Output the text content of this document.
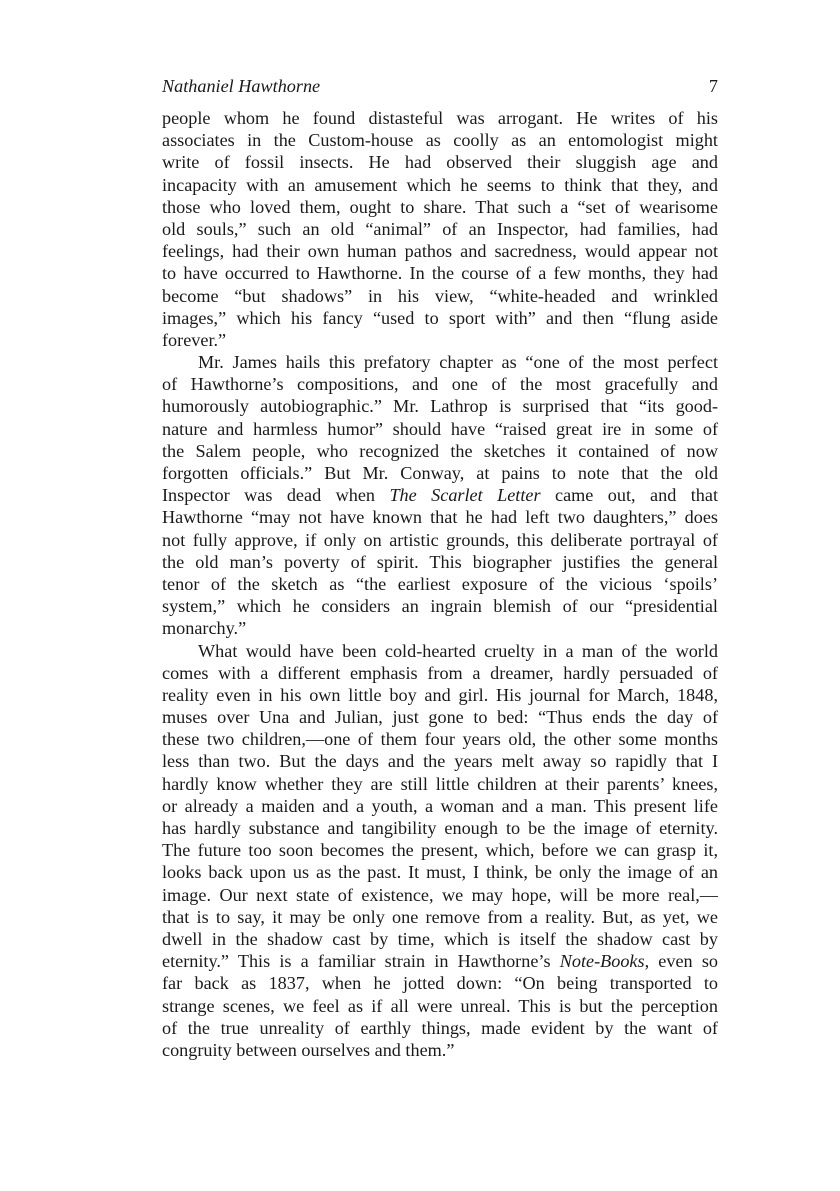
Nathaniel Hawthorne	7
people whom he found distasteful was arrogant. He writes of his
associates in the Custom-house as coolly as an entomologist might
write of fossil insects. He had observed their sluggish age and
incapacity with an amusement which he seems to think that they, and
those who loved them, ought to share. That such a “set of wearisome
old souls,” such an old “animal” of an Inspector, had families, had
feelings, had their own human pathos and sacredness, would appear not
to have occurred to Hawthorne. In the course of a few months, they had
become “but shadows” in his view, “white-headed and wrinkled
images,” which his fancy “used to sport with” and then “flung aside
forever.”
Mr. James hails this prefatory chapter as “one of the most perfect
of Hawthorne’s compositions, and one of the most gracefully and
humorously autobiographic.” Mr. Lathrop is surprised that “its good-
nature and harmless humor” should have “raised great ire in some of
the Salem people, who recognized the sketches it contained of now
forgotten officials.” But Mr. Conway, at pains to note that the old
Inspector was dead when The Scarlet Letter came out, and that
Hawthorne “may not have known that he had left two daughters,” does
not fully approve, if only on artistic grounds, this deliberate portrayal of
the old man’s poverty of spirit. This biographer justifies the general
tenor of the sketch as “the earliest exposure of the vicious ‘spoils’
system,” which he considers an ingrain blemish of our “presidential
monarchy.”
What would have been cold-hearted cruelty in a man of the world
comes with a different emphasis from a dreamer, hardly persuaded of
reality even in his own little boy and girl. His journal for March, 1848,
muses over Una and Julian, just gone to bed: “Thus ends the day of
these two children,—one of them four years old, the other some months
less than two. But the days and the years melt away so rapidly that I
hardly know whether they are still little children at their parents’ knees,
or already a maiden and a youth, a woman and a man. This present life
has hardly substance and tangibility enough to be the image of eternity.
The future too soon becomes the present, which, before we can grasp it,
looks back upon us as the past. It must, I think, be only the image of an
image. Our next state of existence, we may hope, will be more real,—
that is to say, it may be only one remove from a reality. But, as yet, we
dwell in the shadow cast by time, which is itself the shadow cast by
eternity.” This is a familiar strain in Hawthorne’s Note-Books, even so
far back as 1837, when he jotted down: “On being transported to
strange scenes, we feel as if all were unreal. This is but the perception
of the true unreality of earthly things, made evident by the want of
congruity between ourselves and them.”
